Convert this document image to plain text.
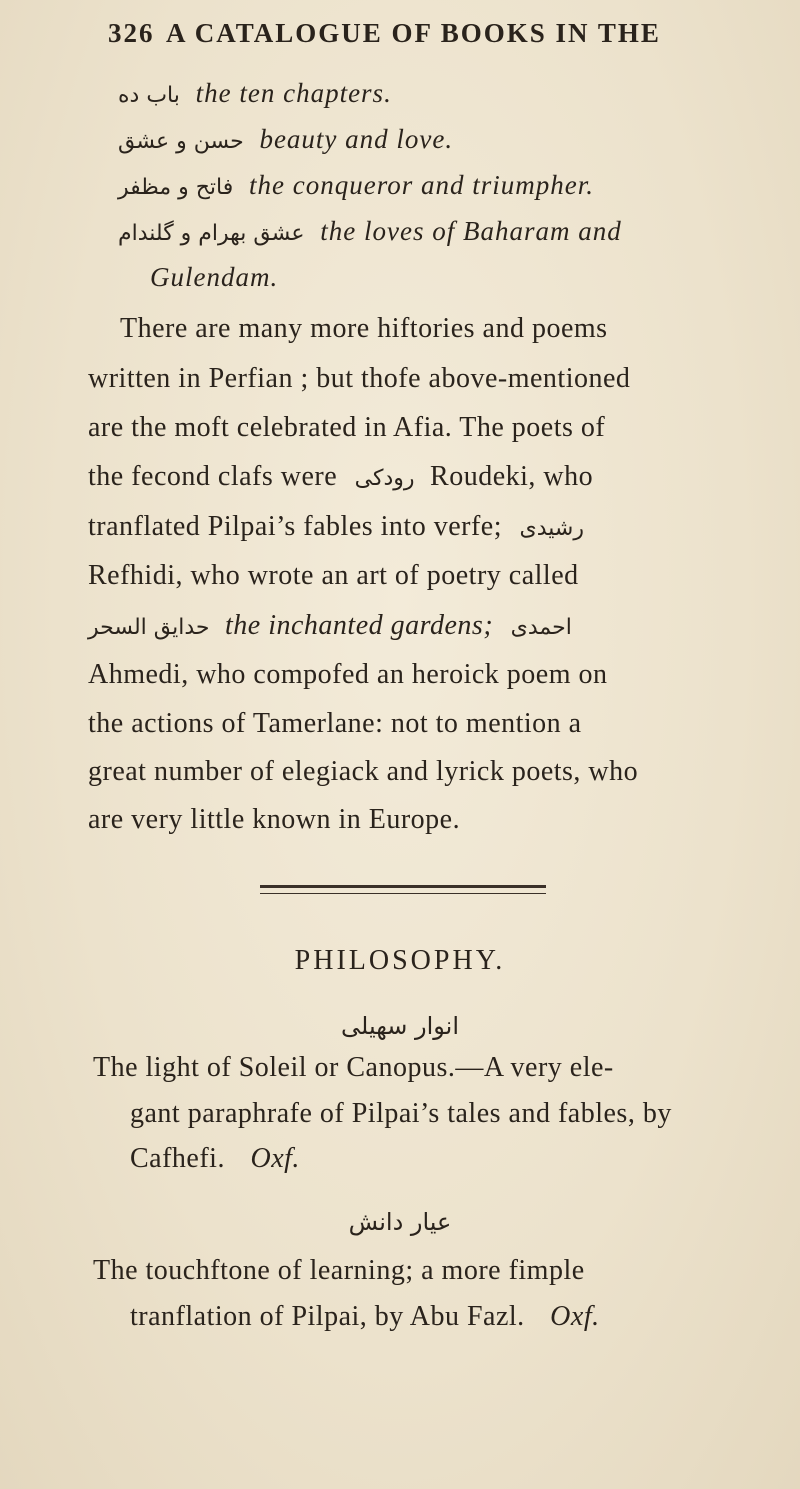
326 A CATALOGUE OF BOOKS IN THE
باب ده the ten chapters.
حسن و عشق beauty and love.
فاتح و مظفر the conqueror and triumpher.
عشق بهرام و گلندام the loves of Baharam and
Gulendam.
There are many more hiftories and poems
written in Perfian ; but thofe above-mentioned
are the moft celebrated in Afia. The poets of
the fecond clafs were رودکی Roudeki, who
tranflated Pilpai’s fables into verfe; رشیدی
Refhidi, who wrote an art of poetry called
حدایق السحر the inchanted gardens; احمدی
Ahmedi, who compofed an heroick poem on
the actions of Tamerlane: not to mention a
great number of elegiack and lyrick poets, who
are very little known in Europe.
PHILOSOPHY.
انوار سهیلی
The light of Soleil or Canopus.—A very ele-
gant paraphrafe of Pilpai’s tales and fables, by
Cafhefi. Oxf.
عیار دانش
The touchftone of learning; a more fimple
tranflation of Pilpai, by Abu Fazl. Oxf.
